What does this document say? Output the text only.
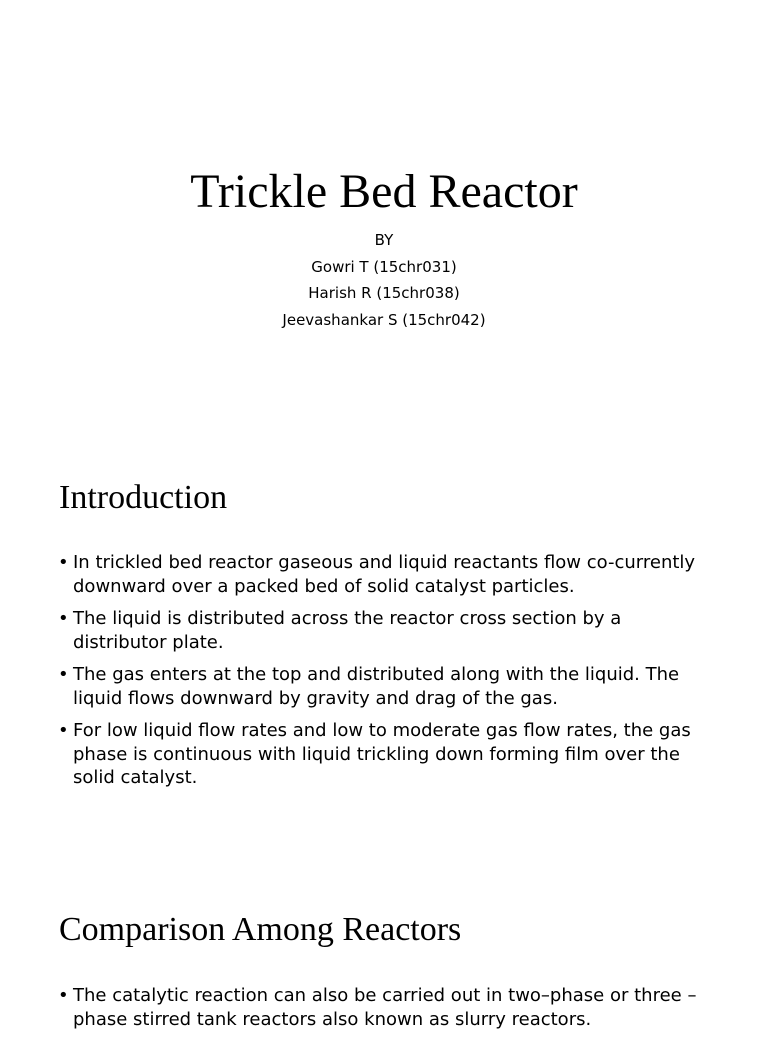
Trickle Bed Reactor
BY
Gowri T (15chr031)
Harish R (15chr038)
Jeevashankar S (15chr042)
Introduction
• In trickled bed reactor gaseous and liquid reactants flow co-currently downward over a packed bed of solid catalyst particles.
• The liquid is distributed across the reactor cross section by a distributor plate.
• The gas enters at the top and distributed along with the liquid. The liquid flows downward by gravity and drag of the gas.
• For low liquid flow rates and low to moderate gas flow rates, the gas phase is continuous with liquid trickling down forming film over the solid catalyst.
Comparison Among Reactors
• The catalytic reaction can also be carried out in two–phase or three –phase stirred tank reactors also known as slurry reactors.
